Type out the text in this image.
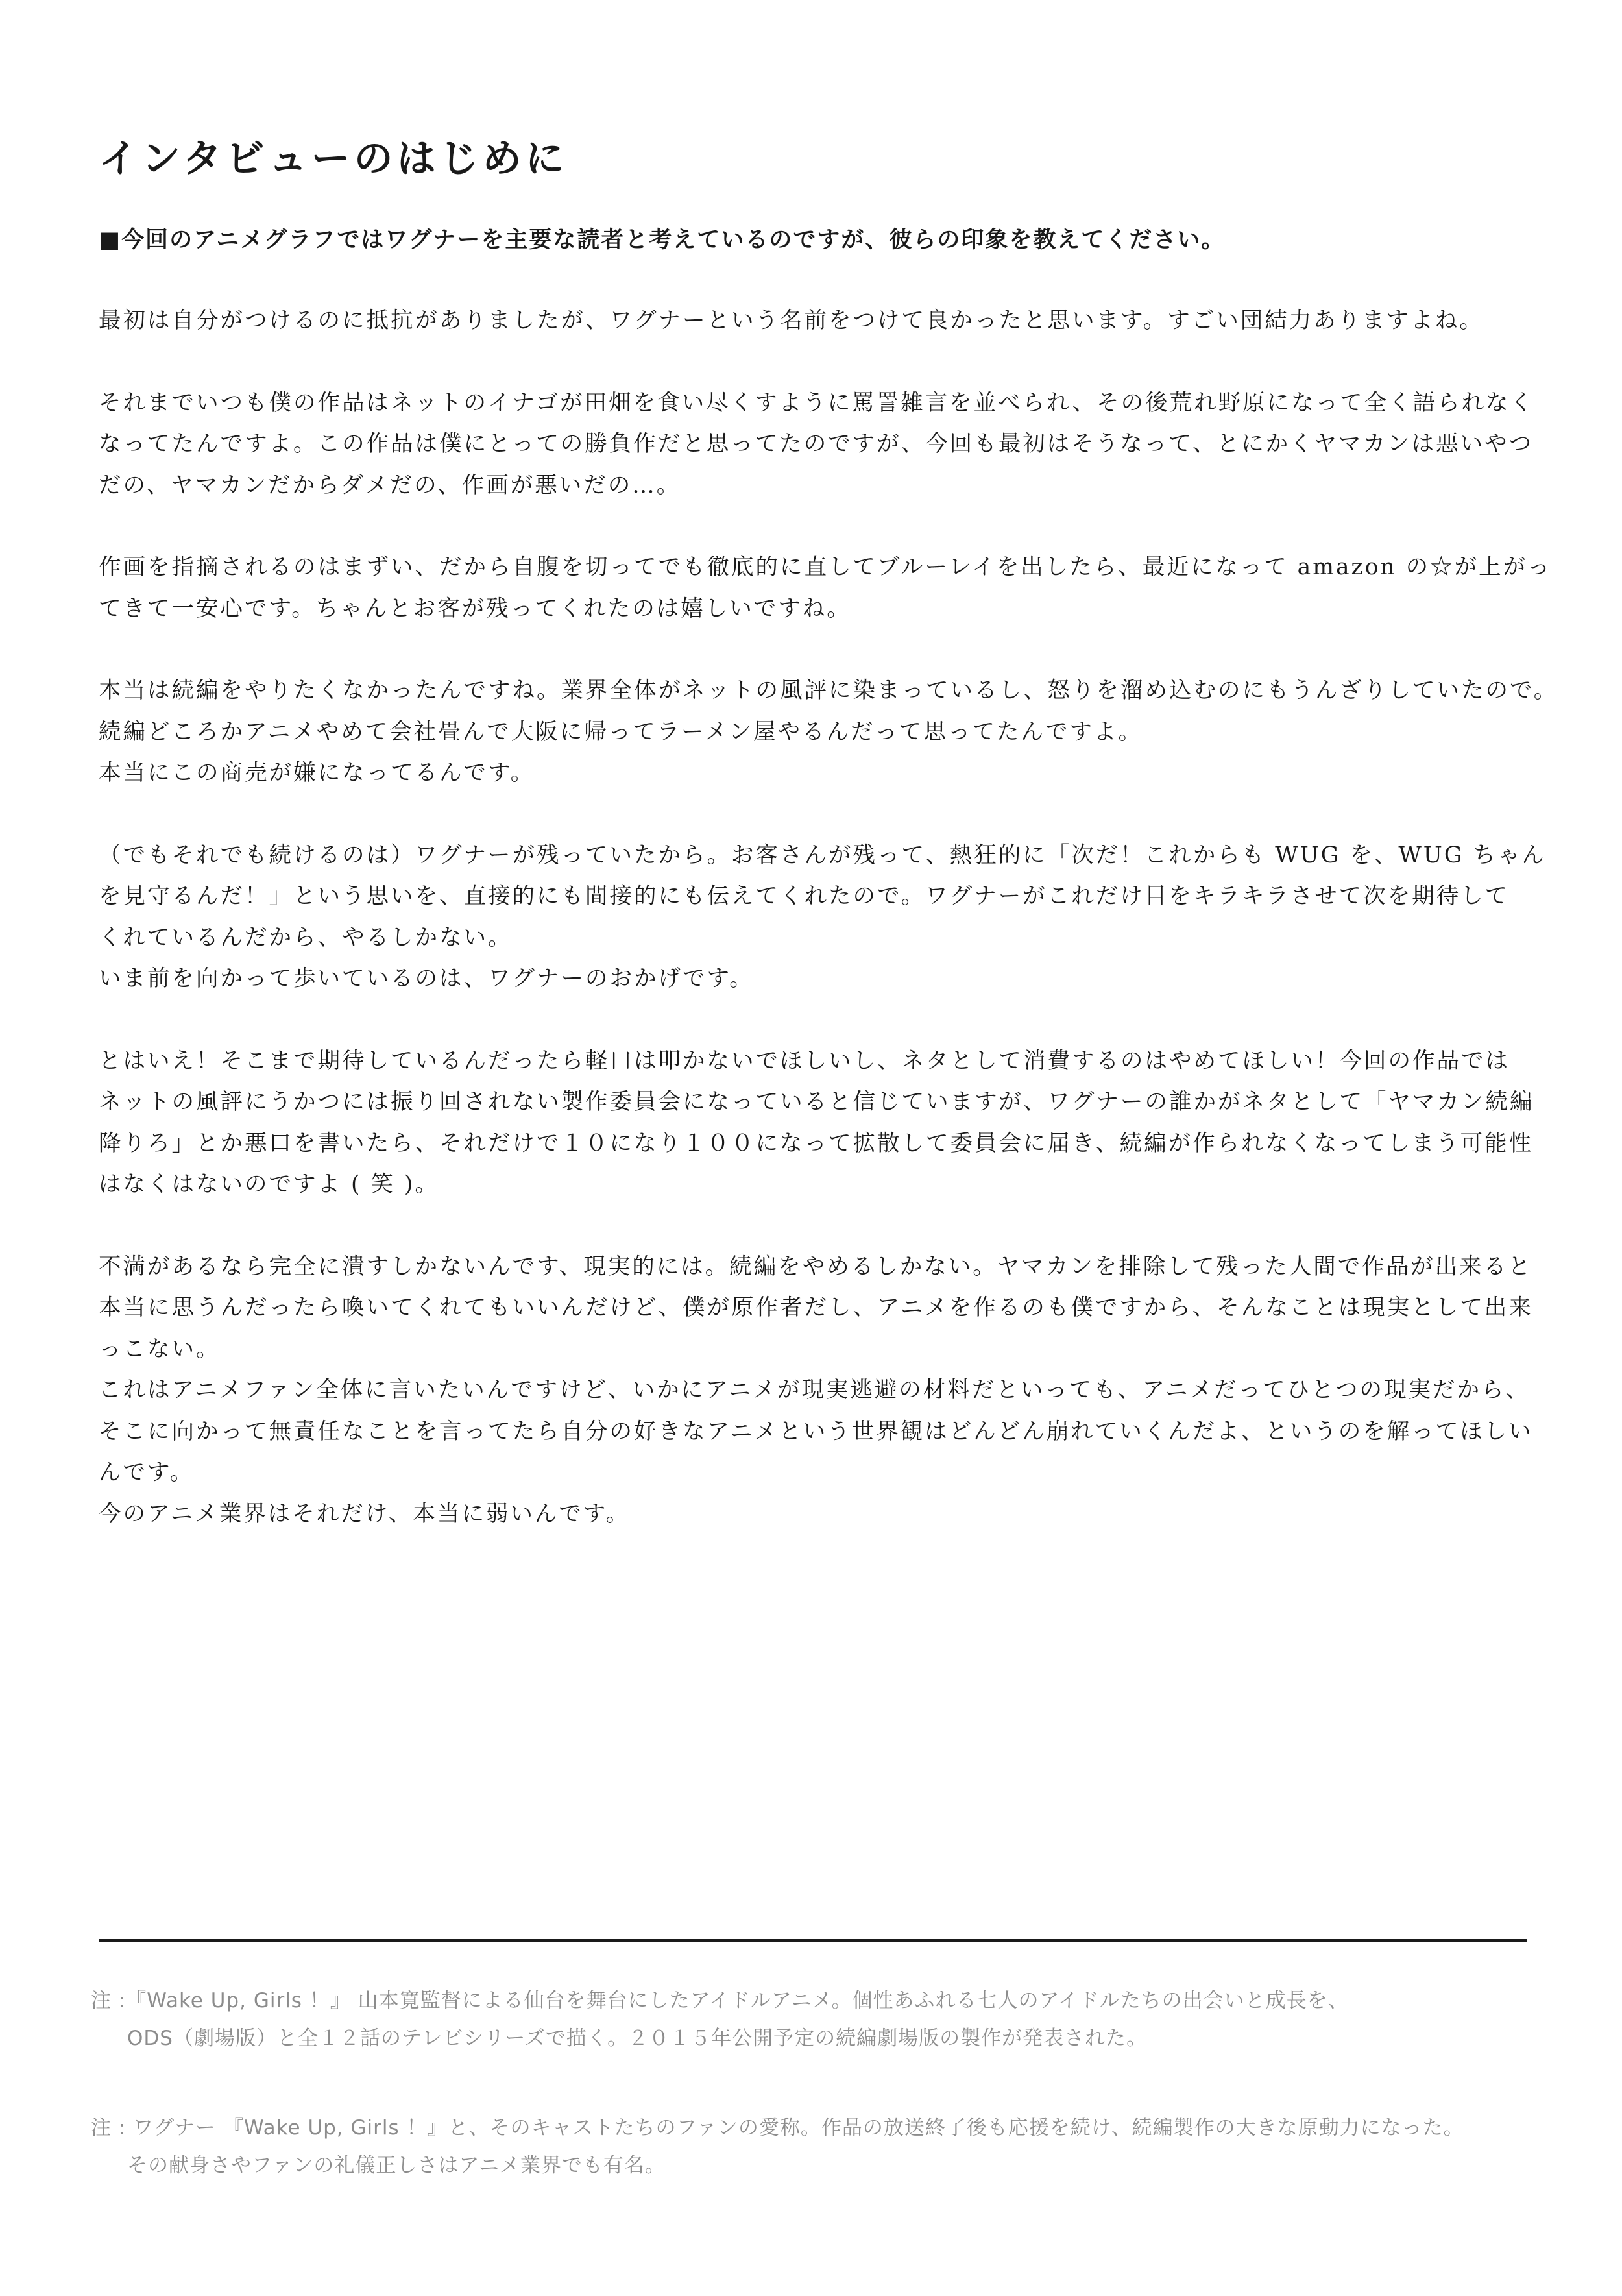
インタビューのはじめに
■今回のアニメグラフではワグナーを主要な読者と考えているのですが、彼らの印象を教えてください。
最初は自分がつけるのに抵抗がありましたが、ワグナーという名前をつけて良かったと思います。すごい団結力ありますよね。
それまでいつも僕の作品はネットのイナゴが田畑を食い尽くすように罵詈雑言を並べられ、その後荒れ野原になって全く語られなく
なってたんですよ。この作品は僕にとっての勝負作だと思ってたのですが、今回も最初はそうなって、とにかくヤマカンは悪いやつ
だの、ヤマカンだからダメだの、作画が悪いだの…。
作画を指摘されるのはまずい、だから自腹を切ってでも徹底的に直してブルーレイを出したら、最近になって amazon の☆が上がっ
てきて一安心です。ちゃんとお客が残ってくれたのは嬉しいですね。
本当は続編をやりたくなかったんですね。業界全体がネットの風評に染まっているし、怒りを溜め込むのにもうんざりしていたので。
続編どころかアニメやめて会社畳んで大阪に帰ってラーメン屋やるんだって思ってたんですよ。
本当にこの商売が嫌になってるんです。
（でもそれでも続けるのは）ワグナーが残っていたから。お客さんが残って、熱狂的に「次だ！これからも WUG を、WUG ちゃん
を見守るんだ！」という思いを、直接的にも間接的にも伝えてくれたので。ワグナーがこれだけ目をキラキラさせて次を期待して
くれているんだから、やるしかない。
いま前を向かって歩いているのは、ワグナーのおかげです。
とはいえ！そこまで期待しているんだったら軽口は叩かないでほしいし、ネタとして消費するのはやめてほしい！今回の作品では
ネットの風評にうかつには振り回されない製作委員会になっていると信じていますが、ワグナーの誰かがネタとして「ヤマカン続編
降りろ」とか悪口を書いたら、それだけで１０になり１００になって拡散して委員会に届き、続編が作られなくなってしまう可能性
はなくはないのですよ ( 笑 )。
不満があるなら完全に潰すしかないんです、現実的には。続編をやめるしかない。ヤマカンを排除して残った人間で作品が出来ると
本当に思うんだったら喚いてくれてもいいんだけど、僕が原作者だし、アニメを作るのも僕ですから、そんなことは現実として出来
っこない。
これはアニメファン全体に言いたいんですけど、いかにアニメが現実逃避の材料だといっても、アニメだってひとつの現実だから、
そこに向かって無責任なことを言ってたら自分の好きなアニメという世界観はどんどん崩れていくんだよ、というのを解ってほしい
んです。
今のアニメ業界はそれだけ、本当に弱いんです。
注 :『Wake Up, Girls ！』 山本寛監督による仙台を舞台にしたアイドルアニメ。個性あふれる七人のアイドルたちの出会いと成長を、
ODS（劇場版）と全１２話のテレビシリーズで描く。２０１５年公開予定の続編劇場版の製作が発表された。
注 : ワグナー 『Wake Up, Girls ！』と、そのキャストたちのファンの愛称。作品の放送終了後も応援を続け、続編製作の大きな原動力になった。
その献身さやファンの礼儀正しさはアニメ業界でも有名。
